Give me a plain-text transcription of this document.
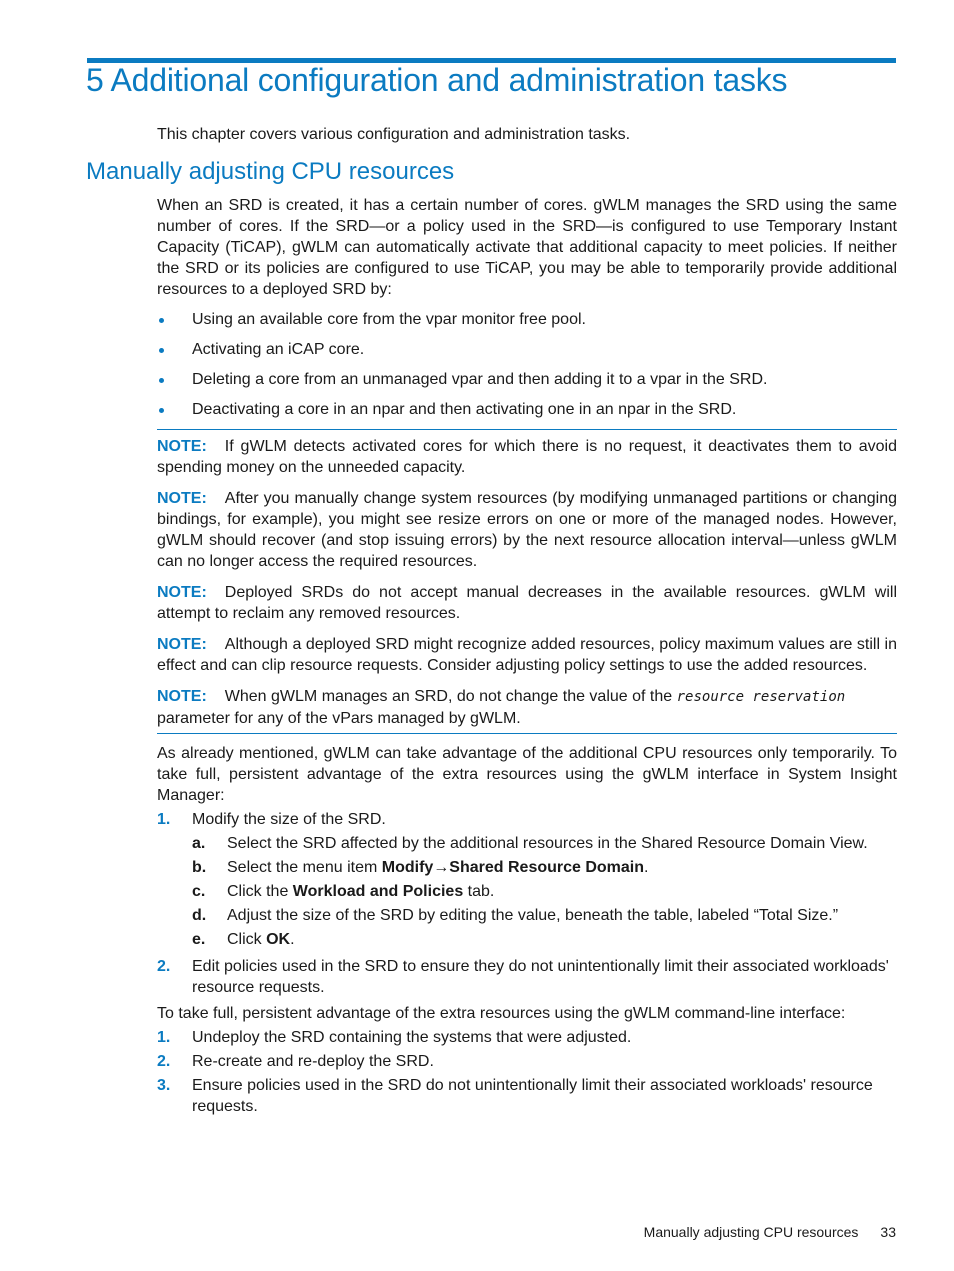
5 Additional configuration and administration tasks

This chapter covers various configuration and administration tasks.

Manually adjusting CPU resources

When an SRD is created, it has a certain number of cores. gWLM manages the SRD using the same number of cores. If the SRD—or a policy used in the SRD—is configured to use Temporary Instant Capacity (TiCAP), gWLM can automatically activate that additional capacity to meet policies. If neither the SRD or its policies are configured to use TiCAP, you may be able to temporarily provide additional resources to a deployed SRD by:

Using an available core from the vpar monitor free pool.
Activating an iCAP core.
Deleting a core from an unmanaged vpar and then adding it to a vpar in the SRD.
Deactivating a core in an npar and then activating one in an npar in the SRD.

NOTE: If gWLM detects activated cores for which there is no request, it deactivates them to avoid spending money on the unneeded capacity.

NOTE: After you manually change system resources (by modifying unmanaged partitions or changing bindings, for example), you might see resize errors on one or more of the managed nodes. However, gWLM should recover (and stop issuing errors) by the next resource allocation interval—unless gWLM can no longer access the required resources.

NOTE: Deployed SRDs do not accept manual decreases in the available resources. gWLM will attempt to reclaim any removed resources.

NOTE: Although a deployed SRD might recognize added resources, policy maximum values are still in effect and can clip resource requests. Consider adjusting policy settings to use the added resources.

NOTE: When gWLM manages an SRD, do not change the value of the resource reservation parameter for any of the vPars managed by gWLM.

As already mentioned, gWLM can take advantage of the additional CPU resources only temporarily. To take full, persistent advantage of the extra resources using the gWLM interface in System Insight Manager:

1. Modify the size of the SRD.
a. Select the SRD affected by the additional resources in the Shared Resource Domain View.
b. Select the menu item Modify→Shared Resource Domain.
c. Click the Workload and Policies tab.
d. Adjust the size of the SRD by editing the value, beneath the table, labeled “Total Size.”
e. Click OK.
2. Edit policies used in the SRD to ensure they do not unintentionally limit their associated workloads' resource requests.

To take full, persistent advantage of the extra resources using the gWLM command-line interface:

1. Undeploy the SRD containing the systems that were adjusted.
2. Re-create and re-deploy the SRD.
3. Ensure policies used in the SRD do not unintentionally limit their associated workloads' resource requests.
Manually adjusting CPU resources 33
